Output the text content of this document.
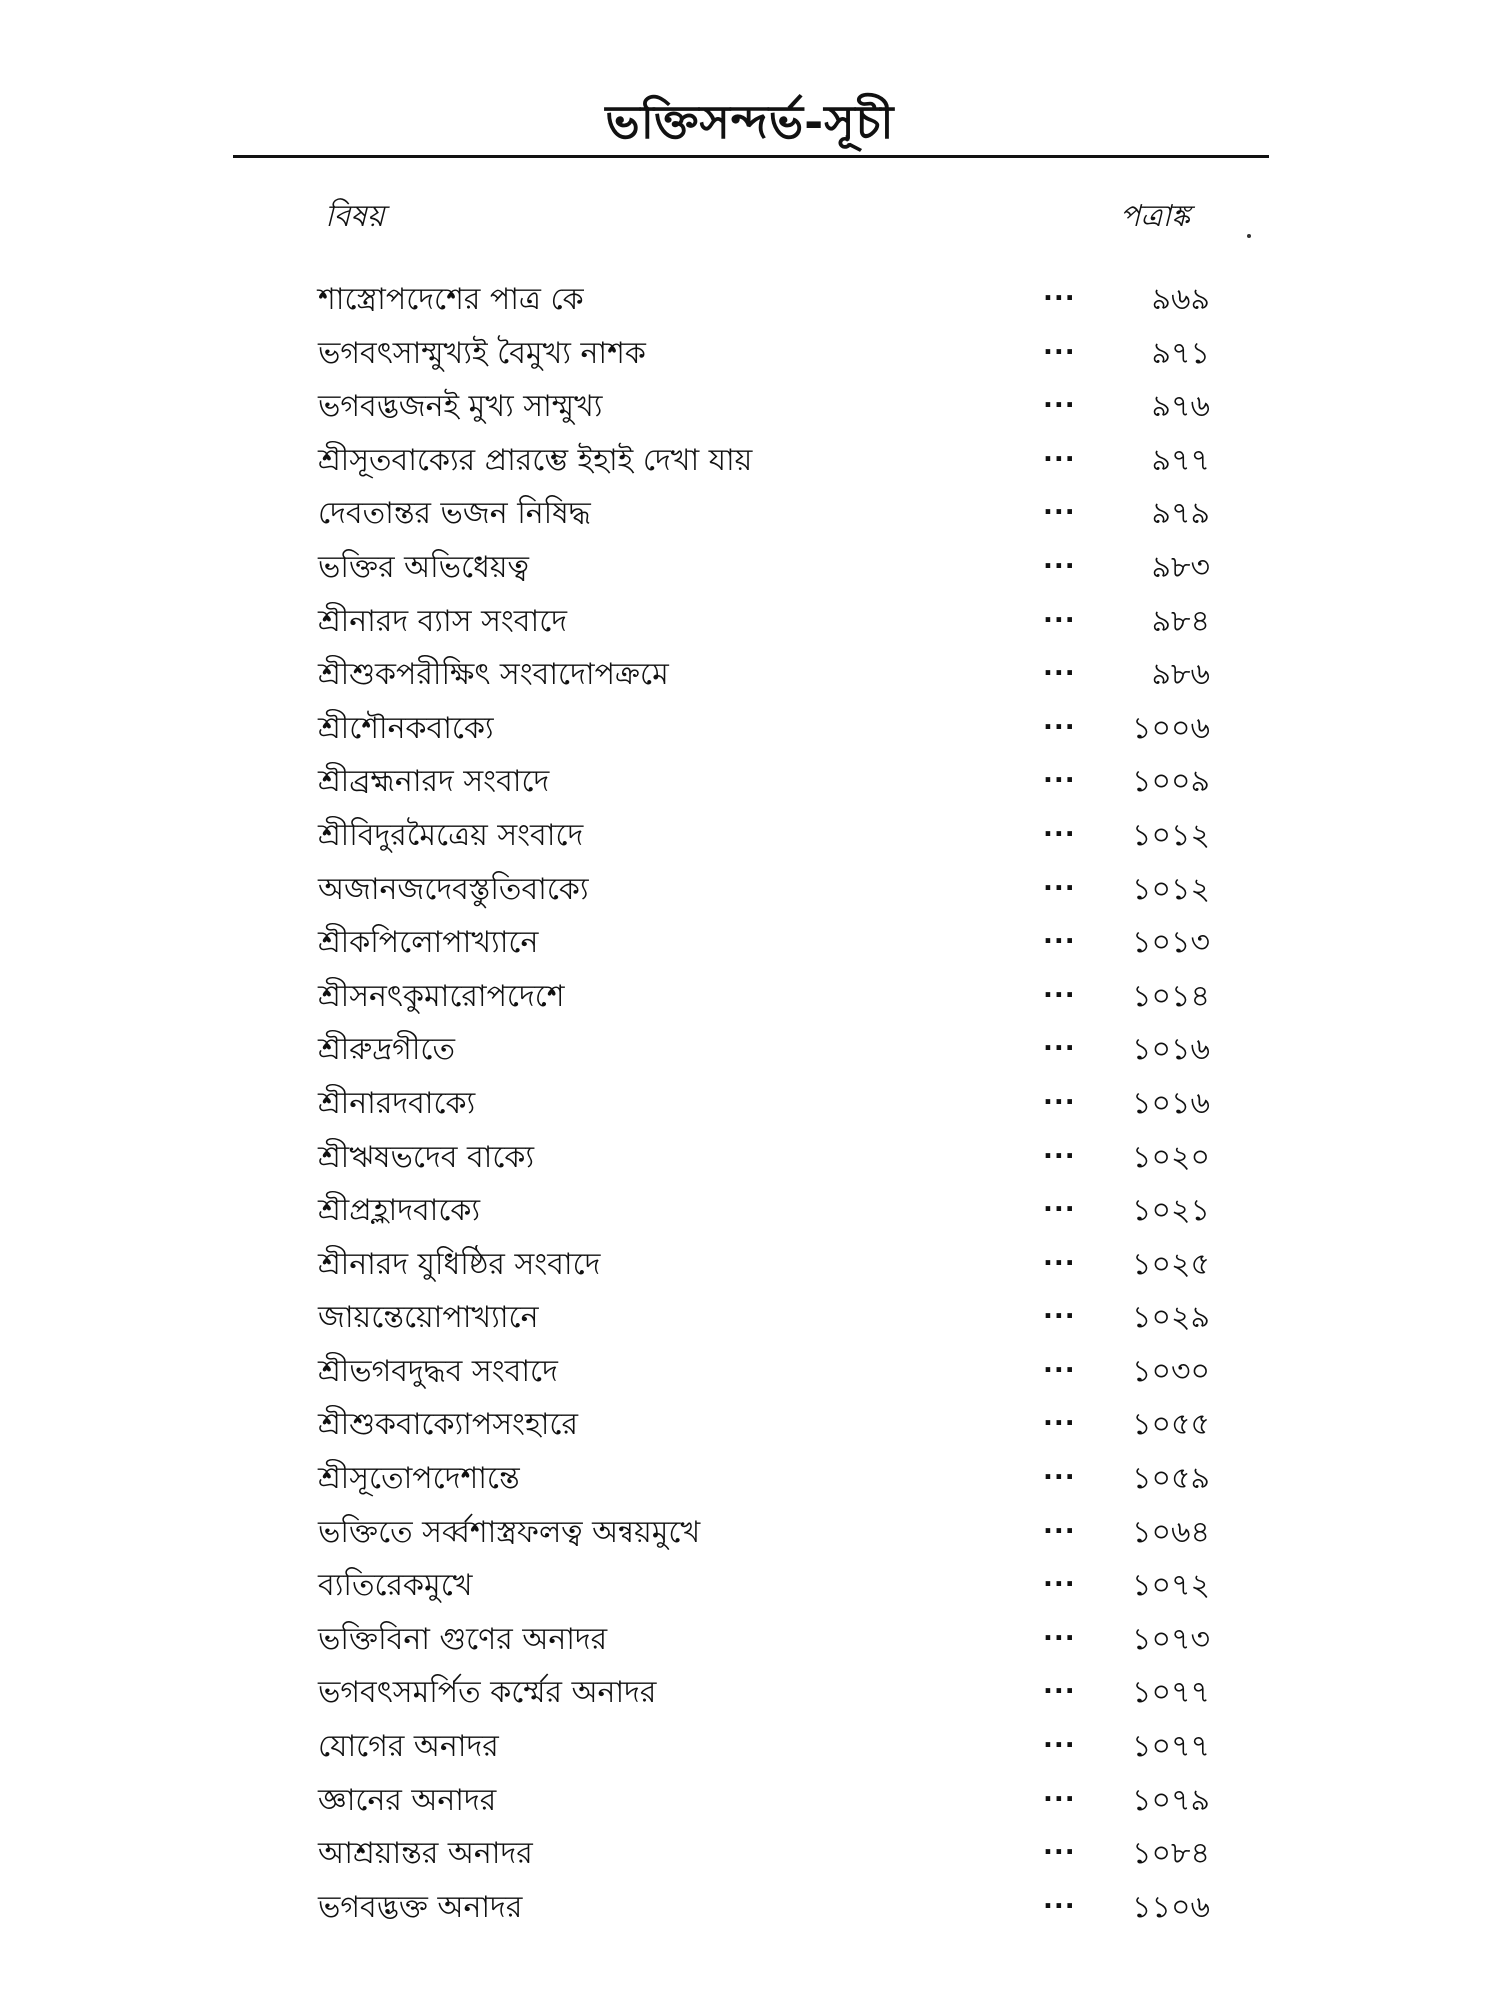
ভক্তিসন্দর্ভ-সূচী
বিষয়	পত্রাঙ্ক
শাস্ত্রোপদেশের পাত্র কে	...	৯৬৯
ভগবৎসাম্মুখ্যই বৈমুখ্য নাশক	...	৯৭১
ভগবদ্ভজনই মুখ্য সাম্মুখ্য	...	৯৭৬
শ্রীসূতবাক্যের প্রারম্ভে ইহাই দেখা যায়	...	৯৭৭
দেবতান্তর ভজন নিষিদ্ধ	...	৯৭৯
ভক্তির অভিধেয়ত্ব	...	৯৮৩
শ্রীনারদ ব্যাস সংবাদে	...	৯৮৪
শ্রীশুকপরীক্ষিৎ সংবাদোপক্রমে	...	৯৮৬
শ্রীশৌনকবাক্যে	...	১০০৬
শ্রীব্রহ্মনারদ সংবাদে	...	১০০৯
শ্রীবিদুরমৈত্রেয় সংবাদে	...	১০১২
অজানজদেবস্তুতিবাক্যে	...	১০১২
শ্রীকপিলোপাখ্যানে	...	১০১৩
শ্রীসনৎকুমারোপদেশে	...	১০১৪
শ্রীরুদ্রগীতে	...	১০১৬
শ্রীনারদবাক্যে	...	১০১৬
শ্রীঋষভদেব বাক্যে	...	১০২০
শ্রীপ্রহ্লাদবাক্যে	...	১০২১
শ্রীনারদ যুধিষ্ঠির সংবাদে	...	১০২৫
জায়ন্তেয়োপাখ্যানে	...	১০২৯
শ্রীভগবদুদ্ধব সংবাদে	...	১০৩০
শ্রীশুকবাক্যোপসংহারে	...	১০৫৫
শ্রীসূতোপদেশান্তে	...	১০৫৯
ভক্তিতে সর্ব্বশাস্ত্রফলত্ব অন্বয়মুখে	...	১০৬৪
ব্যতিরেকমুখে	...	১০৭২
ভক্তিবিনা গুণের অনাদর	...	১০৭৩
ভগবৎসমর্পিত কর্ম্মের অনাদর	...	১০৭৭
যোগের অনাদর	...	১০৭৭
জ্ঞানের অনাদর	...	১০৭৯
আশ্রয়ান্তর অনাদর	...	১০৮৪
ভগবদ্ভক্ত অনাদর	...	১১০৬
